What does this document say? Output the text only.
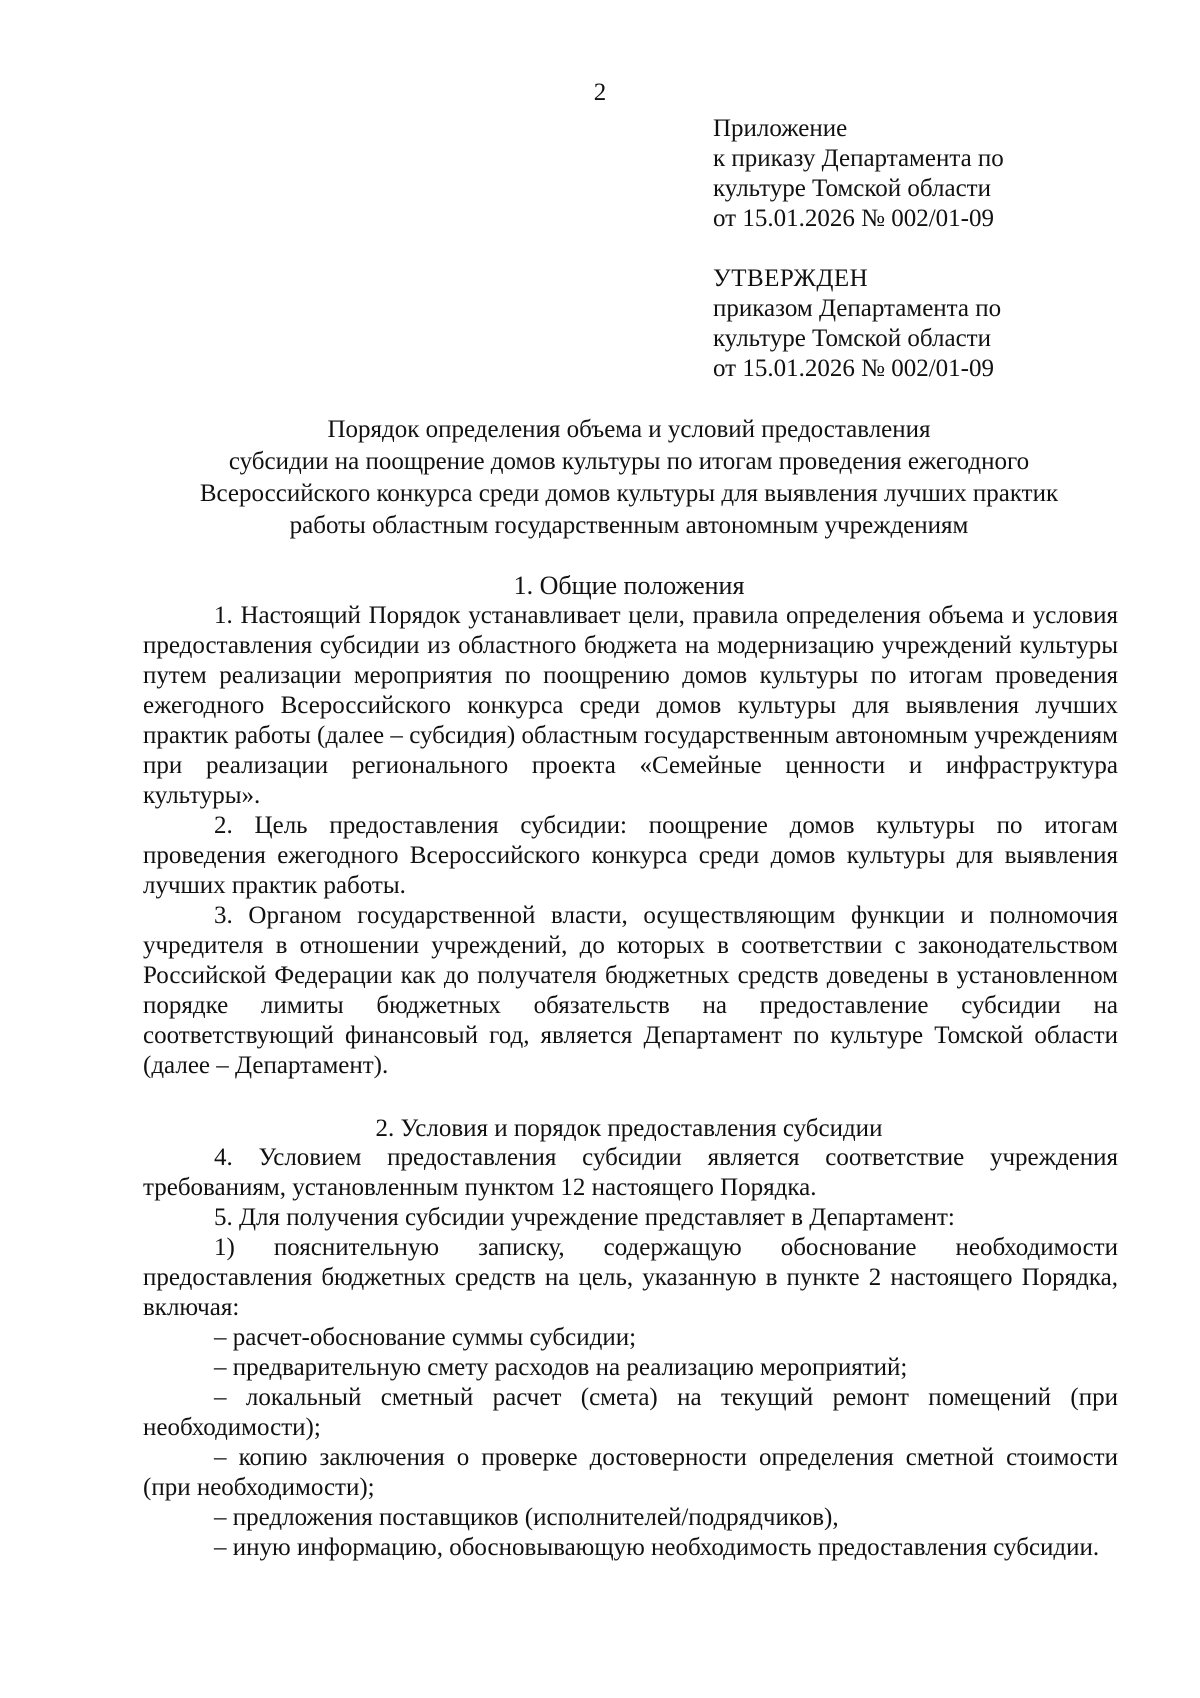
2
Приложение
к приказу Департамента по
культуре Томской области
от 15.01.2026 № 002/01-09
УТВЕРЖДЕН
приказом Департамента по
культуре Томской области
от 15.01.2026 № 002/01-09
Порядок определения объема и условий предоставления
субсидии на поощрение домов культуры по итогам проведения ежегодного
Всероссийского конкурса среди домов культуры для выявления лучших практик
работы областным государственным автономным учреждениям
1. Общие положения

1. Настоящий Порядок устанавливает цели, правила определения объема и условия предоставления субсидии из областного бюджета на модернизацию учреждений культуры путем реализации мероприятия по поощрению домов культуры по итогам проведения ежегодного Всероссийского конкурса среди домов культуры для выявления лучших практик работы (далее – субсидия) областным государственным автономным учреждениям при реализации регионального проекта «Семейные ценности и инфраструктура культуры».

2. Цель предоставления субсидии: поощрение домов культуры по итогам проведения ежегодного Всероссийского конкурса среди домов культуры для выявления лучших практик работы.

3. Органом государственной власти, осуществляющим функции и полномочия учредителя в отношении учреждений, до которых в соответствии с законодательством Российской Федерации как до получателя бюджетных средств доведены в установленном порядке лимиты бюджетных обязательств на предоставление субсидии на соответствующий финансовый год, является Департамент по культуре Томской области (далее – Департамент).

2. Условия и порядок предоставления субсидии

4. Условием предоставления субсидии является соответствие учреждения требованиям, установленным пунктом 12 настоящего Порядка.

5. Для получения субсидии учреждение представляет в Департамент:

1) пояснительную записку, содержащую обоснование необходимости предоставления бюджетных средств на цель, указанную в пункте 2 настоящего Порядка, включая:

– расчет-обоснование суммы субсидии;

– предварительную смету расходов на реализацию мероприятий;

– локальный сметный расчет (смета) на текущий ремонт помещений (при необходимости);

– копию заключения о проверке достоверности определения сметной стоимости (при необходимости);

– предложения поставщиков (исполнителей/подрядчиков),

– иную информацию, обосновывающую необходимость предоставления субсидии.
